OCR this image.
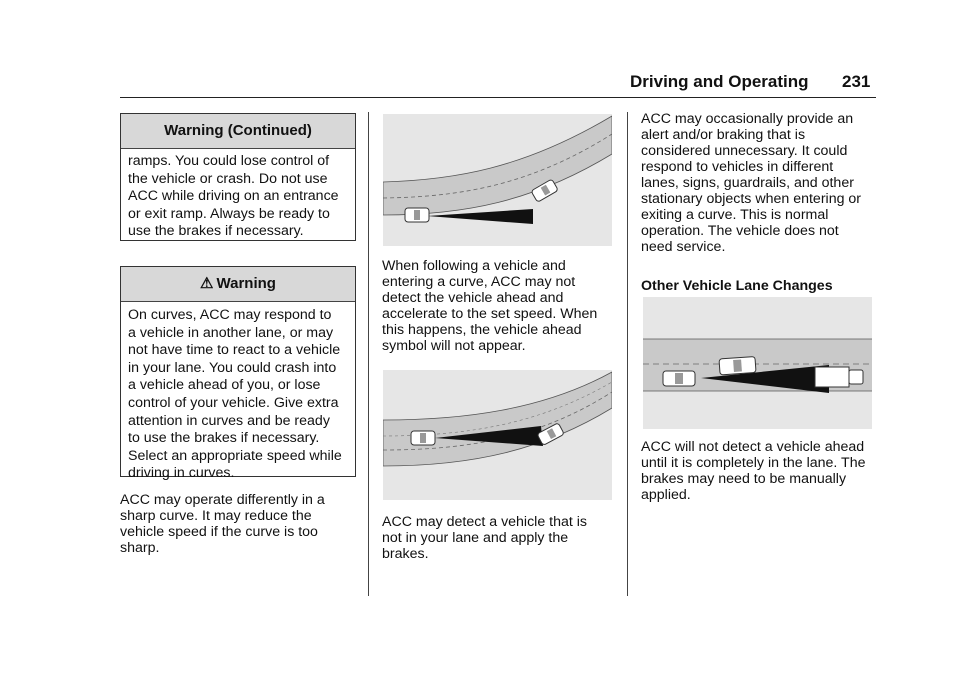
Driving and Operating 231
Warning (Continued)
ramps. You could lose control of
the vehicle or crash. Do not use
ACC while driving on an entrance
or exit ramp. Always be ready to
use the brakes if necessary.
⚠ Warning
On curves, ACC may respond to
a vehicle in another lane, or may
not have time to react to a vehicle
in your lane. You could crash into
a vehicle ahead of you, or lose
control of your vehicle. Give extra
attention in curves and be ready
to use the brakes if necessary.
Select an appropriate speed while
driving in curves.
ACC may operate differently in a
sharp curve. It may reduce the
vehicle speed if the curve is too
sharp.
When following a vehicle and
entering a curve, ACC may not
detect the vehicle ahead and
accelerate to the set speed. When
this happens, the vehicle ahead
symbol will not appear.
ACC may detect a vehicle that is
not in your lane and apply the
brakes.
ACC may occasionally provide an
alert and/or braking that is
considered unnecessary. It could
respond to vehicles in different
lanes, signs, guardrails, and other
stationary objects when entering or
exiting a curve. This is normal
operation. The vehicle does not
need service.
Other Vehicle Lane Changes
ACC will not detect a vehicle ahead
until it is completely in the lane. The
brakes may need to be manually
applied.
